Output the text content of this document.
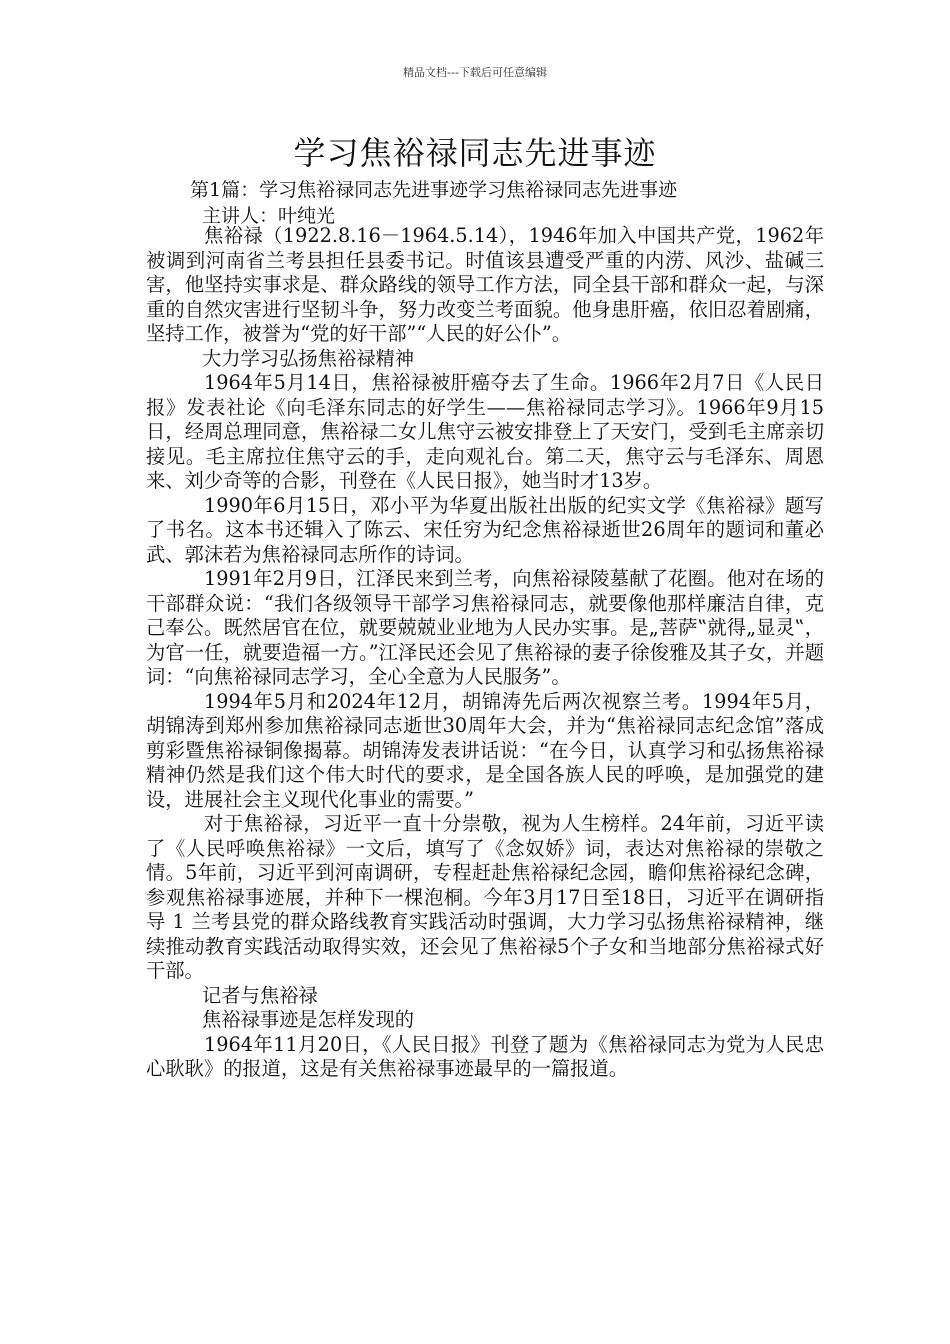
精品文档---下载后可任意编辑
学习焦裕禄同志先进事迹
第1篇：学习焦裕禄同志先进事迹学习焦裕禄同志先进事迹
主讲人：叶纯光

焦裕禄（1922.8.16－1964.5.14），1946年加入中国共产党，1962年被调到河南省兰考县担任县委书记。时值该县遭受严重的内涝、风沙、盐碱三害，他坚持实事求是、群众路线的领导工作方法，同全县干部和群众一起，与深重的自然灾害进行坚韧斗争，努力改变兰考面貌。他身患肝癌，依旧忍着剧痛，坚持工作，被誉为“党的好干部”“人民的好公仆”。

大力学习弘扬焦裕禄精神

1964年5月14日，焦裕禄被肝癌夺去了生命。1966年2月7日《人民日报》发表社论《向毛泽东同志的好学生——焦裕禄同志学习》。1966年9月15日，经周总理同意，焦裕禄二女儿焦守云被安排登上了天安门，受到毛主席亲切接见。毛主席拉住焦守云的手，走向观礼台。第二天，焦守云与毛泽东、周恩来、刘少奇等的合影，刊登在《人民日报》，她当时才13岁。

1990年6月15日，邓小平为华夏出版社出版的纪实文学《焦裕禄》题写了书名。这本书还辑入了陈云、宋任穷为纪念焦裕禄逝世26周年的题词和董必武、郭沫若为焦裕禄同志所作的诗词。

1991年2月9日，江泽民来到兰考，向焦裕禄陵墓献了花圈。他对在场的干部群众说：“我们各级领导干部学习焦裕禄同志，就要像他那样廉洁自律，克己奉公。既然居官在位，就要兢兢业业地为人民办实事。是„菩萨‟就得„显灵‟，为官一任，就要造福一方。”江泽民还会见了焦裕禄的妻子徐俊雅及其子女，并题词：“向焦裕禄同志学习，全心全意为人民服务”。

1994年5月和2024年12月，胡锦涛先后两次视察兰考。1994年5月，胡锦涛到郑州参加焦裕禄同志逝世30周年大会，并为“焦裕禄同志纪念馆”落成剪彩暨焦裕禄铜像揭幕。胡锦涛发表讲话说：“在今日，认真学习和弘扬焦裕禄精神仍然是我们这个伟大时代的要求，是全国各族人民的呼唤，是加强党的建设，进展社会主义现代化事业的需要。”

对于焦裕禄，习近平一直十分崇敬，视为人生榜样。24年前，习近平读了《人民呼唤焦裕禄》一文后，填写了《念奴娇》词，表达对焦裕禄的崇敬之情。5年前，习近平到河南调研，专程赶赴焦裕禄纪念园，瞻仰焦裕禄纪念碑，参观焦裕禄事迹展，并种下一棵泡桐。今年3月17日至18日，习近平在调研指导 1 兰考县党的群众路线教育实践活动时强调，大力学习弘扬焦裕禄精神，继续推动教育实践活动取得实效，还会见了焦裕禄5个子女和当地部分焦裕禄式好干部。

记者与焦裕禄

焦裕禄事迹是怎样发现的

1964年11月20日，《人民日报》刊登了题为《焦裕禄同志为党为人民忠心耿耿》的报道，这是有关焦裕禄事迹最早的一篇报道。
